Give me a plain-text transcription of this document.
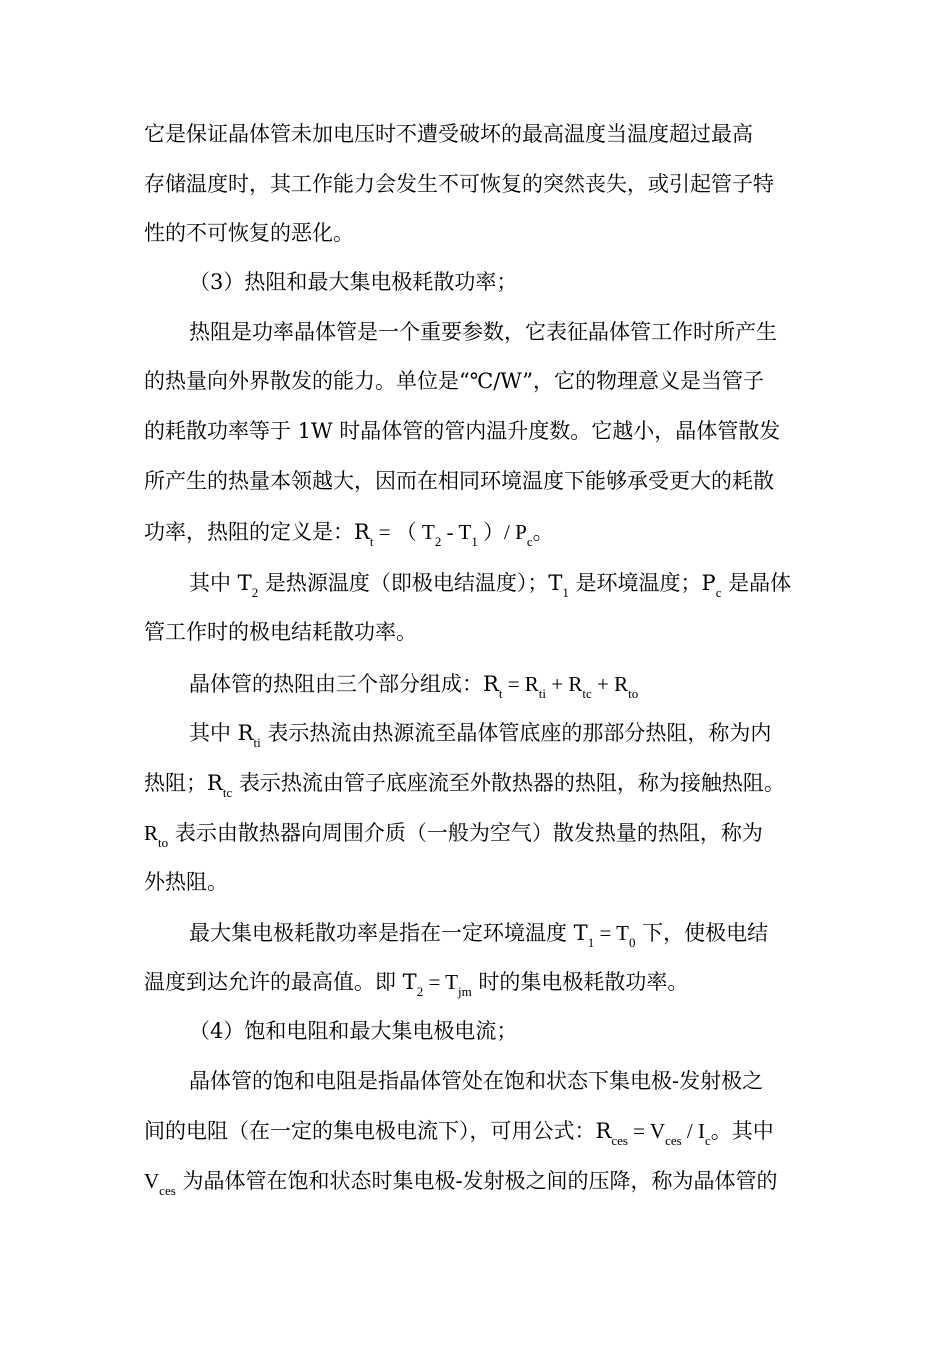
它是保证晶体管未加电压时不遭受破坏的最高温度当温度超过最高
存储温度时，其工作能力会发生不可恢复的突然丧失，或引起管子特
性的不可恢复的恶化。
（3）热阻和最大集电极耗散功率；
热阻是功率晶体管是一个重要参数，它表征晶体管工作时所产生
的热量向外界散发的能力。单位是“℃/W”，它的物理意义是当管子
的耗散功率等于 1W 时晶体管的管内温升度数。它越小，晶体管散发
所产生的热量本领越大，因而在相同环境温度下能够承受更大的耗散
功率，热阻的定义是：$R_t$ = （ $T_2 - T_1$ ）/ $P_c$。
其中 $T_2$ 是热源温度（即极电结温度）；$T_1$ 是环境温度；$P_c$ 是晶体
管工作时的极电结耗散功率。
晶体管的热阻由三个部分组成：$R_t = R_{ti} + R_{tc} + R_{to}$
其中 $R_{ti}$ 表示热流由热源流至晶体管底座的那部分热阻，称为内
热阻；$R_{tc}$ 表示热流由管子底座流至外散热器的热阻，称为接触热阻。
$R_{to}$ 表示由散热器向周围介质（一般为空气）散发热量的热阻，称为
外热阻。
最大集电极耗散功率是指在一定环境温度 $T_1 = T_0$ 下，使极电结
温度到达允许的最高值。即 $T_2 = T_{jm}$ 时的集电极耗散功率。
（4）饱和电阻和最大集电极电流；
晶体管的饱和电阻是指晶体管处在饱和状态下集电极-发射极之
间的电阻（在一定的集电极电流下），可用公式：$R_{ces} = V_{ces} / I_c$。其中
$V_{ces}$ 为晶体管在饱和状态时集电极-发射极之间的压降，称为晶体管的
